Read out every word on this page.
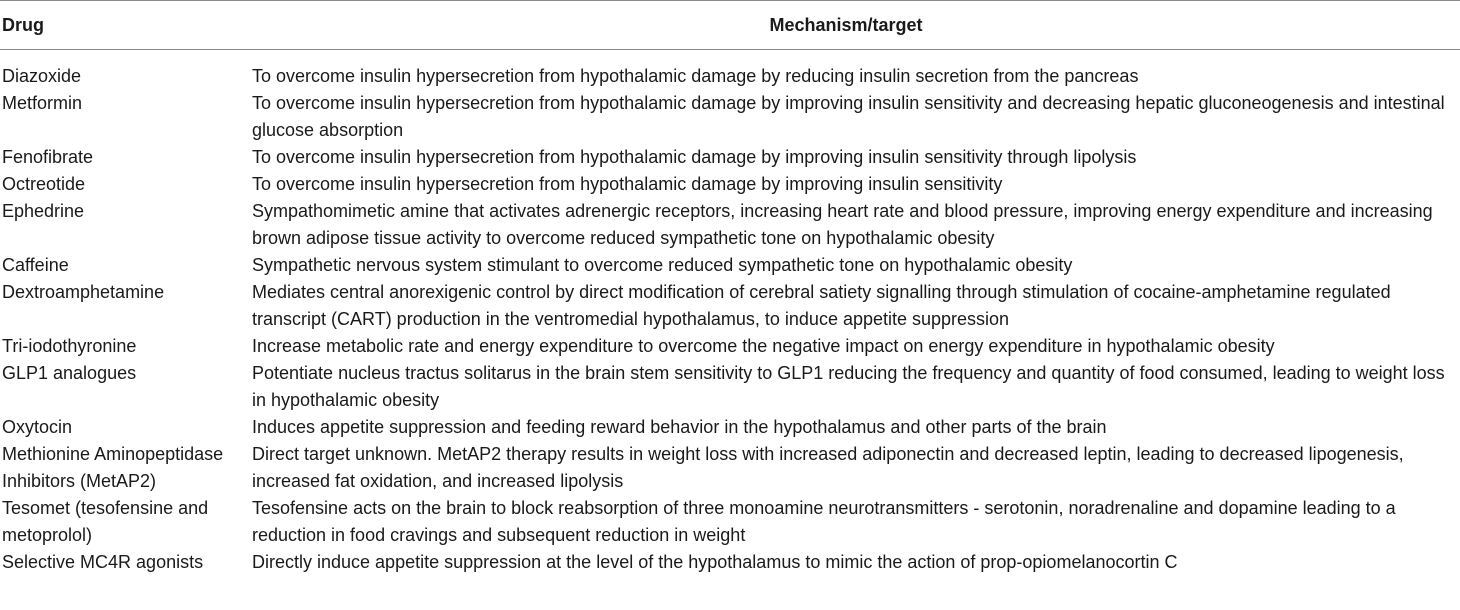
Drug	Mechanism/target
Diazoxide	To overcome insulin hypersecretion from hypothalamic damage by reducing insulin secretion from the pancreas
Metformin	To overcome insulin hypersecretion from hypothalamic damage by improving insulin sensitivity and decreasing hepatic gluconeogenesis and intestinal glucose absorption
Fenofibrate	To overcome insulin hypersecretion from hypothalamic damage by improving insulin sensitivity through lipolysis
Octreotide	To overcome insulin hypersecretion from hypothalamic damage by improving insulin sensitivity
Ephedrine	Sympathomimetic amine that activates adrenergic receptors, increasing heart rate and blood pressure, improving energy expenditure and increasing brown adipose tissue activity to overcome reduced sympathetic tone on hypothalamic obesity
Caffeine	Sympathetic nervous system stimulant to overcome reduced sympathetic tone on hypothalamic obesity
Dextroamphetamine	Mediates central anorexigenic control by direct modification of cerebral satiety signalling through stimulation of cocaine-amphetamine regulated transcript (CART) production in the ventromedial hypothalamus, to induce appetite suppression
Tri-iodothyronine	Increase metabolic rate and energy expenditure to overcome the negative impact on energy expenditure in hypothalamic obesity
GLP1 analogues	Potentiate nucleus tractus solitarus in the brain stem sensitivity to GLP1 reducing the frequency and quantity of food consumed, leading to weight loss in hypothalamic obesity
Oxytocin	Induces appetite suppression and feeding reward behavior in the hypothalamus and other parts of the brain
Methionine Aminopeptidase Inhibitors (MetAP2)	Direct target unknown. MetAP2 therapy results in weight loss with increased adiponectin and decreased leptin, leading to decreased lipogenesis, increased fat oxidation, and increased lipolysis
Tesomet (tesofensine and metoprolol)	Tesofensine acts on the brain to block reabsorption of three monoamine neurotransmitters - serotonin, noradrenaline and dopamine leading to a reduction in food cravings and subsequent reduction in weight
Selective MC4R agonists	Directly induce appetite suppression at the level of the hypothalamus to mimic the action of prop-opiomelanocortin C
